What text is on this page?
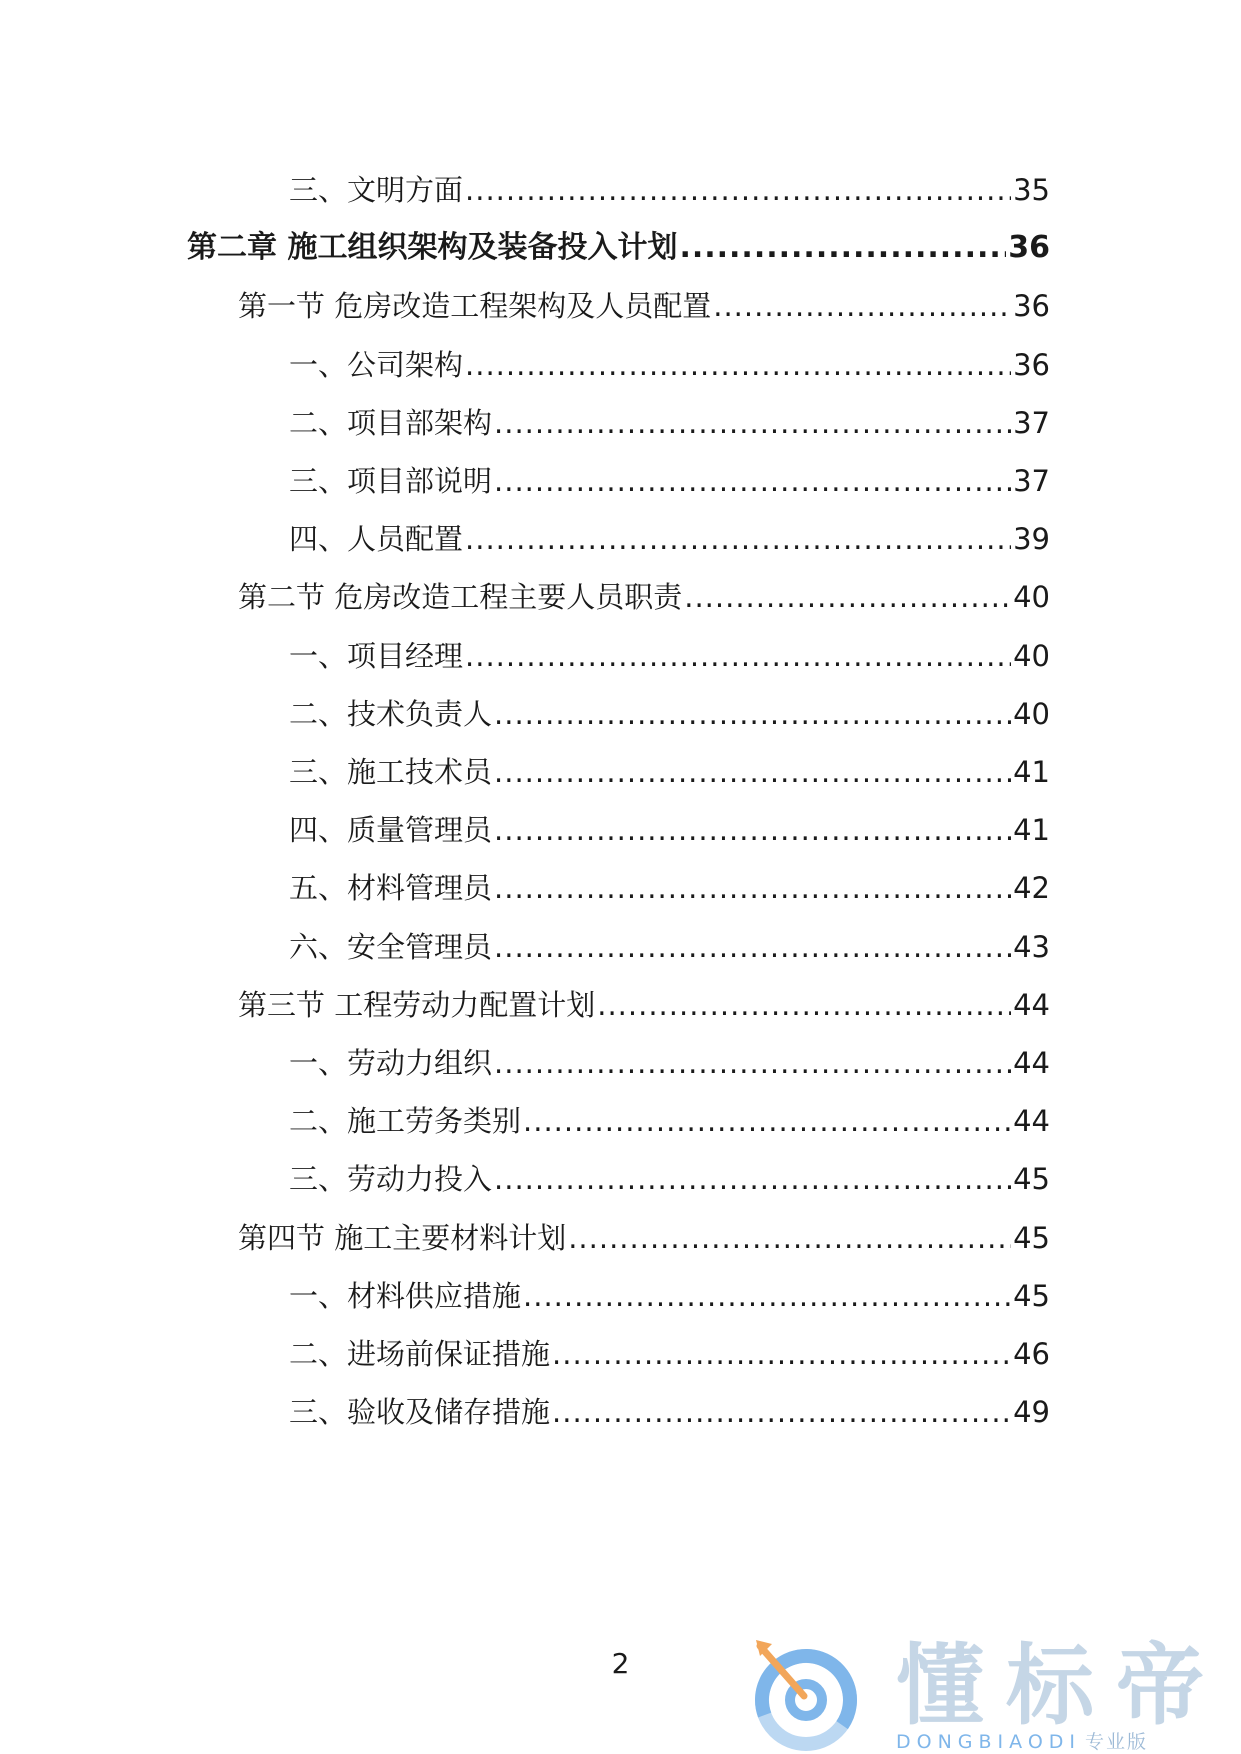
三、文明方面 .....	35
第二章 施工组织架构及装备投入计划 .....	36
第一节 危房改造工程架构及人员配置 .....	36
一、公司架构 .....	36
二、项目部架构 .....	37
三、项目部说明 .....	37
四、人员配置 .....	39
第二节 危房改造工程主要人员职责 .....	40
一、项目经理 .....	40
二、技术负责人 .....	40
三、施工技术员 .....	41
四、质量管理员 .....	41
五、材料管理员 .....	42
六、安全管理员 .....	43
第三节 工程劳动力配置计划 .....	44
一、劳动力组织 .....	44
二、施工劳务类别 .....	44
三、劳动力投入 .....	45
第四节 施工主要材料计划 .....	45
一、材料供应措施 .....	45
二、进场前保证措施 .....	46
三、验收及储存措施 .....	49
2	懂标帝
DONGBIAODI 专业版
